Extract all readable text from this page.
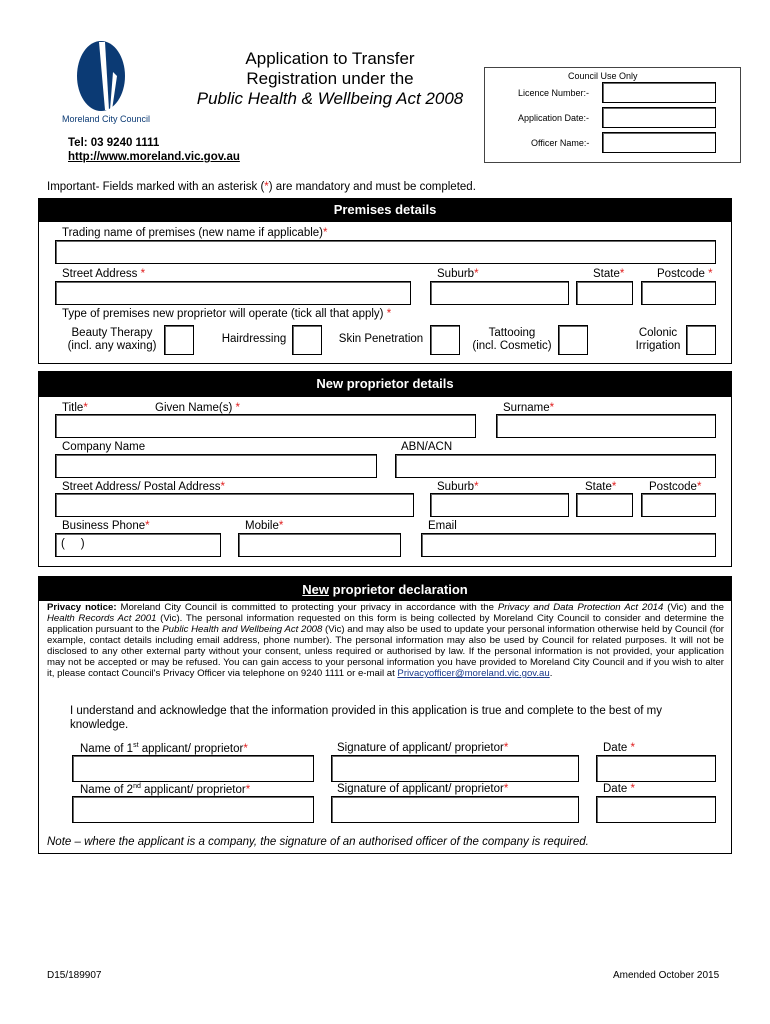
Moreland City Council
Application to Transfer
Registration under the
Public Health & Wellbeing Act 2008
Tel: 03 9240 1111
http://www.moreland.vic.gov.au
Council Use Only
Licence Number:-
Application Date:-
Officer Name:-
Important- Fields marked with an asterisk (*) are mandatory and must be completed.
Premises details
Trading name of premises (new name if applicable)*
Street Address *	Suburb*	State*	Postcode *
Type of premises new proprietor will operate (tick all that apply) *
Beauty Therapy
(incl. any waxing)
Hairdressing	Skin Penetration	Tattooing
(incl. Cosmetic)
Colonic
Irrigation
New proprietor details
Title*	Given Name(s) *	Surname*
Company Name	ABN/ACN
Street Address/ Postal Address*	Suburb*	State*	Postcode*
Business Phone*	Mobile*	Email
(     )
New proprietor declaration
Privacy notice: Moreland City Council is committed to protecting your privacy in accordance with the Privacy and Data Protection Act 2014 (Vic) and the Health Records Act 2001 (Vic). The personal information requested on this form is being collected by Moreland City Council to consider and determine the application pursuant to the Public Health and Wellbeing Act 2008 (Vic) and may also be used to update your personal information otherwise held by Council (for example, contact details including email address, phone number). The personal information may also be used by Council for related purposes. It will not be disclosed to any other external party without your consent, unless required or authorised by law. If the personal information is not provided, your application may not be accepted or may be refused. You can gain access to your personal information you have provided to Moreland City Council and if you wish to alter it, please contact Council's Privacy Officer via telephone on 9240 1111 or e-mail at Privacyofficer@moreland.vic.gov.au.
I understand and acknowledge that the information provided in this application is true and complete to the best of my knowledge.
Name of 1st applicant/ proprietor*	Signature of applicant/ proprietor*	Date *
Name of 2nd applicant/ proprietor*	Signature of applicant/ proprietor*	Date *
Note – where the applicant is a company, the signature of an authorised officer of the company is required.
D15/189907	Amended October 2015
